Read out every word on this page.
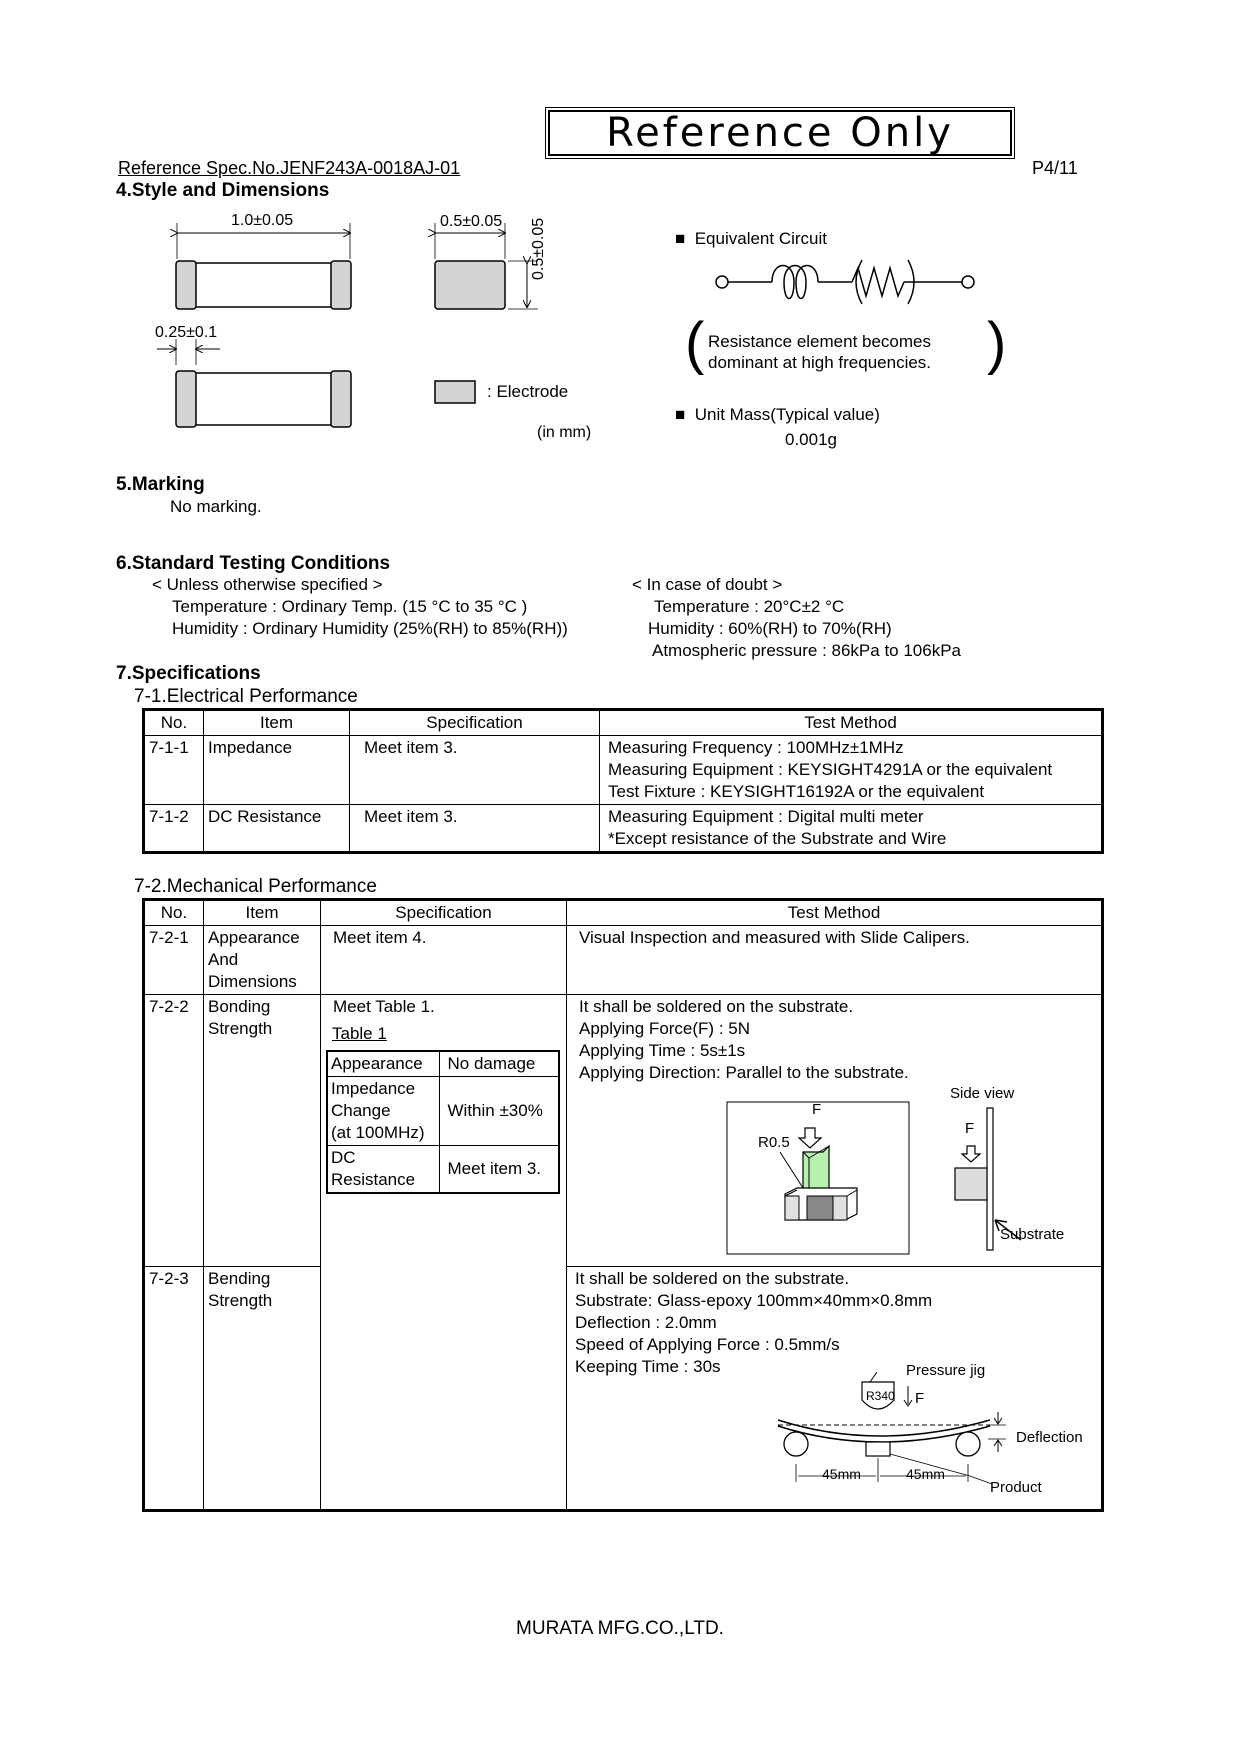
Reference Only
Reference Spec.No.JENF243A-0018AJ-01	P4/11
4.Style and Dimensions
1.0±0.05	0.5±0.05 0.5±0.05
0.25±0.1
: Electrode
(in mm)
■  Equivalent Circuit
(	)
Resistance element becomes
dominant at high frequencies.
■  Unit Mass(Typical value)
0.001g
5.Marking
No marking.
6.Standard Testing Conditions
< Unless otherwise specified >
Temperature : Ordinary Temp. (15 °C to 35 °C )
Humidity : Ordinary Humidity (25%(RH) to 85%(RH))
< In case of doubt >
Temperature : 20°C±2 °C
Humidity : 60%(RH) to 70%(RH)
Atmospheric pressure : 86kPa to 106kPa
7.Specifications
7-1.Electrical Performance
No.	Item	Specification	Test Method
7-1-1	Impedance	Meet item 3.	Measuring Frequency : 100MHz±1MHz
Measuring Equipment : KEYSIGHT4291A or the equivalent
Test Fixture : KEYSIGHT16192A or the equivalent

7-1-2	DC Resistance	Meet item 3.	Measuring Equipment : Digital multi meter
*Except resistance of the Substrate and Wire
7-2.Mechanical Performance
No.	Item	Specification	Test Method
7-2-1	Appearance
And
Dimensions	Meet item 4.	Visual Inspection and measured with Slide Calipers.
7-2-2	Bonding
Strength	Meet Table 1.	It shall be soldered on the substrate.
Applying Force(F) : 5N
Applying Time : 5s±1s
Applying Direction: Parallel to the substrate.

7-2-3	Bending
Strength		It shall be soldered on the substrate.
Substrate: Glass-epoxy 100mm×40mm×0.8mm
Deflection : 2.0mm
Speed of Applying Force : 0.5mm/s
Keeping Time : 30s
Table 1
Appearance	No damage

Impedance
Change
(at 100MHz)	Within ±30%

DC
Resistance	Meet item 3.
F
R0.5
Side view
F
Substrate
Pressure jig
R340 F
Deflection
45mm	45mm
Product
MURATA MFG.CO.,LTD.
